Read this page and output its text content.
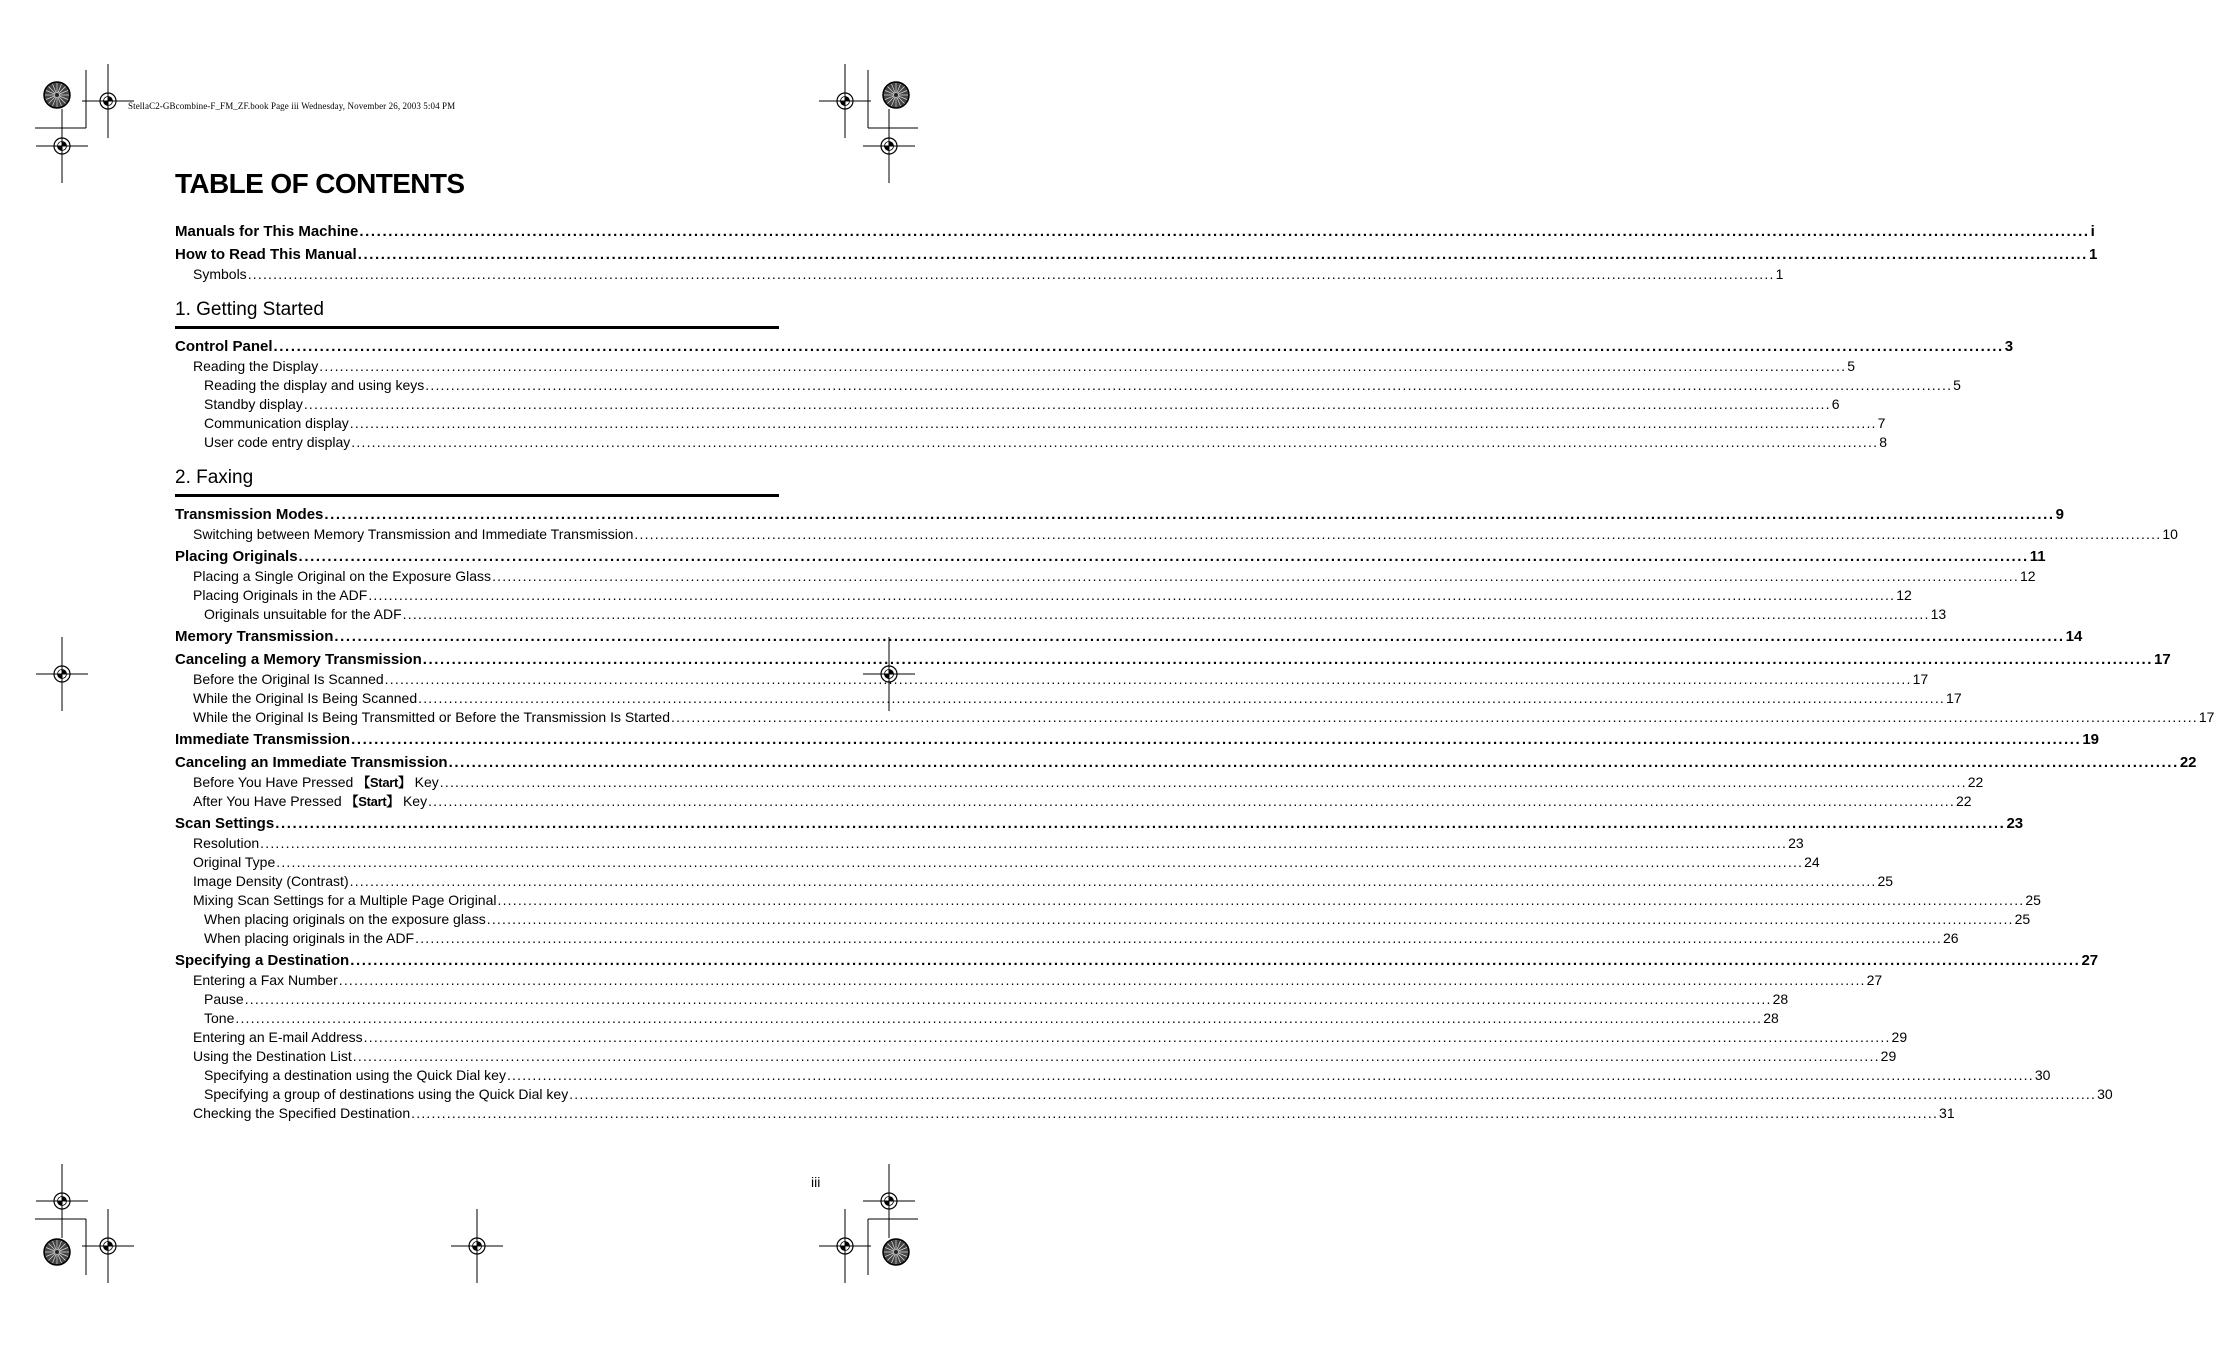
StellaC2-GBcombine-F_FM_ZF.book Page iii Wednesday, November 26, 2003 5:04 PM
TABLE OF CONTENTS
Manuals for This Machine ............................................................................................................................................................................................................................................................................................................ i
How to Read This Manual ............................................................................................................................................................................................................................................................................................................ 1
Symbols ............................................................................................................................................................................................................................................................................................................ 1
1. Getting Started
Control Panel ............................................................................................................................................................................................................................................................................................................ 3
Reading the Display ............................................................................................................................................................................................................................................................................................................ 5
Reading the display and using keys ............................................................................................................................................................................................................................................................................................................ 5
Standby display ............................................................................................................................................................................................................................................................................................................ 6
Communication display ............................................................................................................................................................................................................................................................................................................ 7
User code entry display ............................................................................................................................................................................................................................................................................................................ 8
2. Faxing
Transmission Modes ............................................................................................................................................................................................................................................................................................................ 9
Switching between Memory Transmission and Immediate Transmission ............................................................................................................................................................................................................................................................................................................ 10
Placing Originals ............................................................................................................................................................................................................................................................................................................ 11
Placing a Single Original on the Exposure Glass ............................................................................................................................................................................................................................................................................................................ 12
Placing Originals in the ADF ............................................................................................................................................................................................................................................................................................................ 12
Originals unsuitable for the ADF ............................................................................................................................................................................................................................................................................................................ 13
Memory Transmission ............................................................................................................................................................................................................................................................................................................ 14
Canceling a Memory Transmission ............................................................................................................................................................................................................................................................................................................ 17
Before the Original Is Scanned ............................................................................................................................................................................................................................................................................................................ 17
While the Original Is Being Scanned ............................................................................................................................................................................................................................................................................................................ 17
While the Original Is Being Transmitted or Before the Transmission Is Started ............................................................................................................................................................................................................................................................................................................ 17
Immediate Transmission ............................................................................................................................................................................................................................................................................................................ 19
Canceling an Immediate Transmission ............................................................................................................................................................................................................................................................................................................ 22
Before You Have Pressed 【Start】 Key ............................................................................................................................................................................................................................................................................................................ 22
After You Have Pressed 【Start】 Key ............................................................................................................................................................................................................................................................................................................ 22
Scan Settings ............................................................................................................................................................................................................................................................................................................ 23
Resolution ............................................................................................................................................................................................................................................................................................................ 23
Original Type ............................................................................................................................................................................................................................................................................................................ 24
Image Density (Contrast) ............................................................................................................................................................................................................................................................................................................ 25
Mixing Scan Settings for a Multiple Page Original ............................................................................................................................................................................................................................................................................................................ 25
When placing originals on the exposure glass ............................................................................................................................................................................................................................................................................................................ 25
When placing originals in the ADF ............................................................................................................................................................................................................................................................................................................ 26
Specifying a Destination ............................................................................................................................................................................................................................................................................................................ 27
Entering a Fax Number ............................................................................................................................................................................................................................................................................................................ 27
Pause ............................................................................................................................................................................................................................................................................................................ 28
Tone ............................................................................................................................................................................................................................................................................................................ 28
Entering an E-mail Address ............................................................................................................................................................................................................................................................................................................ 29
Using the Destination List ............................................................................................................................................................................................................................................................................................................ 29
Specifying a destination using the Quick Dial key ............................................................................................................................................................................................................................................................................................................ 30
Specifying a group of destinations using the Quick Dial key ............................................................................................................................................................................................................................................................................................................ 30
Checking the Specified Destination ............................................................................................................................................................................................................................................................................................................ 31
iii
